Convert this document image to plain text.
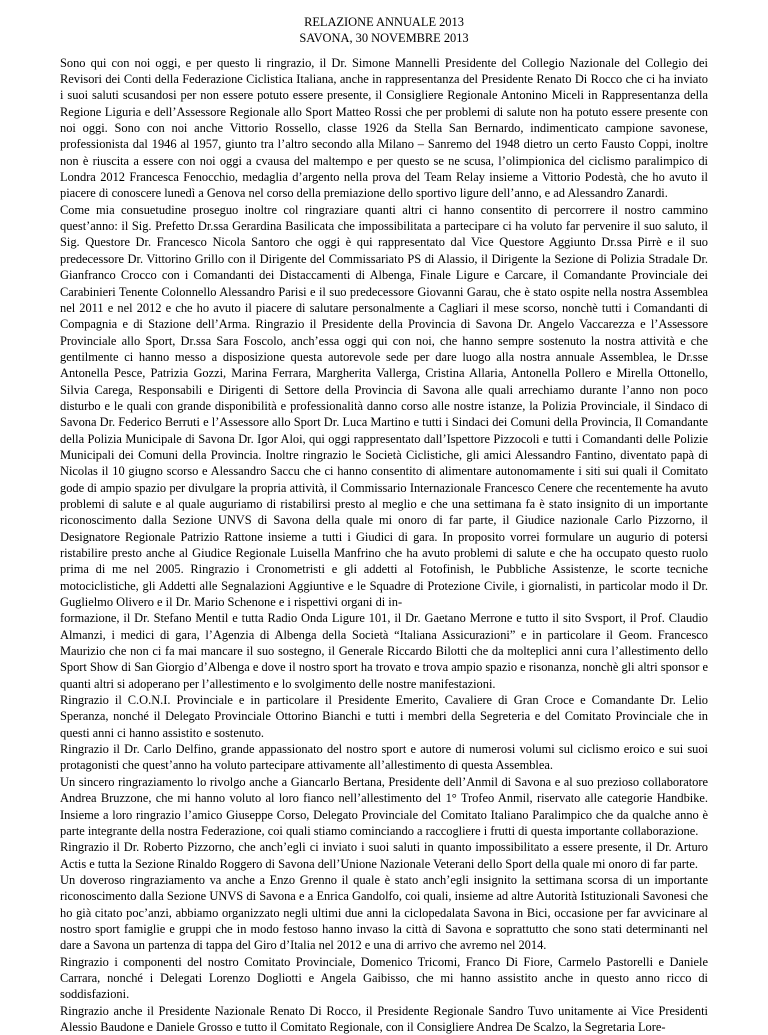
RELAZIONE ANNUALE 2013
SAVONA, 30 NOVEMBRE 2013

Sono qui con noi oggi, e per questo li ringrazio, il Dr. Simone Mannelli Presidente del Collegio Nazionale del Collegio dei Revisori dei Conti della Federazione Ciclistica Italiana, anche in rappresentanza del Presidente Renato Di Rocco che ci ha inviato i suoi saluti scusandosi per non essere potuto essere presente, il Consigliere Regionale Antonino Miceli in Rappresentanza della Regione Liguria e dell’Assessore Regionale allo Sport Matteo Rossi che per problemi di salute non ha potuto essere presente con noi oggi. Sono con noi anche Vittorio Rossello, classe 1926 da Stella San Bernardo, indimenticato campione savonese, professionista dal 1946 al 1957, giunto tra l’altro secondo alla Milano – Sanremo del 1948 dietro un certo Fausto Coppi, inoltre non è riuscita a essere con noi oggi a cvausa del maltempo e per questo se ne scusa, l’olimpionica del ciclismo paralimpico di Londra 2012 Francesca Fenocchio, medaglia d’argento nella prova del Team Relay insieme a Vittorio Podestà, che ho avuto il piacere di conoscere lunedì a Genova nel corso della premiazione dello sportivo ligure dell’anno, e ad Alessandro Zanardi.

Come mia consuetudine proseguo inoltre col ringraziare quanti altri ci hanno consentito di percorrere il nostro cammino quest’anno: il Sig. Prefetto Dr.ssa Gerardina Basilicata che impossibilitata a partecipare ci ha voluto far pervenire il suo saluto, il Sig. Questore Dr. Francesco Nicola Santoro che oggi è qui rappresentato dal Vice Questore Aggiunto Dr.ssa Pirrè e il suo predecessore Dr. Vittorino Grillo con il Dirigente del Commissariato PS di Alassio, il Dirigente la Sezione di Polizia Stradale Dr. Gianfranco Crocco con i Comandanti dei Distaccamenti di Albenga, Finale Ligure e Carcare, il Comandante Provinciale dei Carabinieri Tenente Colonnello Alessandro Parisi e il suo predecessore Giovanni Garau, che è stato ospite nella nostra Assemblea nel 2011 e nel 2012 e che ho avuto il piacere di salutare personalmente a Cagliari il mese scorso, nonchè tutti i Comandanti di Compagnia e di Stazione dell’Arma. Ringrazio il Presidente della Provincia di Savona Dr. Angelo Vaccarezza e l’Assessore Provinciale allo Sport, Dr.ssa Sara Foscolo, anch’essa oggi qui con noi, che hanno sempre sostenuto la nostra attività e che gentilmente ci hanno messo a disposizione questa autorevole sede per dare luogo alla nostra annuale Assemblea, le Dr.sse Antonella Pesce, Patrizia Gozzi, Marina Ferrara, Margherita Vallerga, Cristina Allaria, Antonella Pollero e Mirella Ottonello, Silvia Carega, Responsabili e Dirigenti di Settore della Provincia di Savona alle quali arrechiamo durante l’anno non poco disturbo e le quali con grande disponibilità e professionalità danno corso alle nostre istanze, la Polizia Provinciale, il Sindaco di Savona Dr. Federico Berruti e l’Assessore allo Sport Dr. Luca Martino e tutti i Sindaci dei Comuni della Provincia, Il Comandante della Polizia Municipale di Savona Dr. Igor Aloi, qui oggi rappresentato dall’Ispettore Pizzocoli e tutti i Comandanti delle Polizie Municipali dei Comuni della Provincia. Inoltre ringrazio le Società Ciclistiche, gli amici Alessandro Fantino, diventato papà di Nicolas il 10 giugno scorso e Alessandro Saccu che ci hanno consentito di alimentare autonomamente i siti sui quali il Comitato gode di ampio spazio per divulgare la propria attività, il Commissario Internazionale Francesco Cenere che recentemente ha avuto problemi di salute e al quale auguriamo di ristabilirsi presto al meglio e che una settimana fa è stato insignito di un importante riconoscimento dalla Sezione UNVS di Savona della quale mi onoro di far parte, il Giudice nazionale Carlo Pizzorno, il Designatore Regionale Patrizio Rattone insieme a tutti i Giudici di gara. In proposito vorrei formulare un augurio di potersi ristabilire presto anche al Giudice Regionale Luisella Manfrino che ha avuto problemi di salute e che ha occupato questo ruolo prima di me nel 2005. Ringrazio i Cronometristi e gli addetti al Fotofinish, le Pubbliche Assistenze, le scorte tecniche motociclistiche, gli Addetti alle Segnalazioni Aggiuntive e le Squadre di Protezione Civile, i giornalisti, in particolar modo il Dr. Guglielmo Olivero e il Dr. Mario Schenone e i rispettivi organi di in-

formazione, il Dr. Stefano Mentil e tutta Radio Onda Ligure 101, il Dr. Gaetano Merrone e tutto il sito Svsport, il Prof. Claudio Almanzi, i medici di gara, l’Agenzia di Albenga della Società “Italiana Assicurazioni” e in particolare il Geom. Francesco Maurizio che non ci fa mai mancare il suo sostegno, il Generale Riccardo Bilotti che da molteplici anni cura l’allestimento dello Sport Show di San Giorgio d’Albenga e dove il nostro sport ha trovato e trova ampio spazio e risonanza, nonchè gli altri sponsor e quanti altri si adoperano per l’allestimento e lo svolgimento delle nostre manifestazioni.

Ringrazio il C.O.N.I. Provinciale e in particolare il Presidente Emerito, Cavaliere di Gran Croce e Comandante Dr. Lelio Speranza, nonché il Delegato Provinciale Ottorino Bianchi e tutti i membri della Segreteria e del Comitato Provinciale che in questi anni ci hanno assistito e sostenuto.

Ringrazio il Dr. Carlo Delfino, grande appassionato del nostro sport e autore di numerosi volumi sul ciclismo eroico e sui suoi protagonisti che quest’anno ha voluto partecipare attivamente all’allestimento di questa Assemblea.

Un sincero ringraziamento lo rivolgo anche a Giancarlo Bertana, Presidente dell’Anmil di Savona e al suo prezioso collaboratore Andrea Bruzzone, che mi hanno voluto al loro fianco nell’allestimento del 1° Trofeo Anmil, riservato alle categorie Handbike. Insieme a loro ringrazio l’amico Giuseppe Corso, Delegato Provinciale del Comitato Italiano Paralimpico che da qualche anno è parte integrante della nostra Federazione, coi quali stiamo cominciando a raccogliere i frutti di questa importante collaborazione.

Ringrazio il Dr. Roberto Pizzorno, che anch’egli ci inviato i suoi saluti in quanto impossibilitato a essere presente, il Dr. Arturo Actis e tutta la Sezione Rinaldo Roggero di Savona dell’Unione Nazionale Veterani dello Sport della quale mi onoro di far parte.

Un doveroso ringraziamento va anche a Enzo Grenno il quale è stato anch’egli insignito la settimana scorsa di un importante riconoscimento dalla Sezione UNVS di Savona e a Enrica Gandolfo, coi quali, insieme ad altre Autorità Istituzionali Savonesi che ho già citato poc’anzi, abbiamo organizzato negli ultimi due anni la ciclopedalata Savona in Bici, occasione per far avvicinare al nostro sport famiglie e gruppi che in modo festoso hanno invaso la città di Savona e soprattutto che sono stati determinanti nel dare a Savona un partenza di tappa del Giro d’Italia nel 2012 e una di arrivo che avremo nel 2014.

Ringrazio i componenti del nostro Comitato Provinciale, Domenico Tricomi, Franco Di Fiore, Carmelo Pastorelli e Daniele Carrara, nonché i Delegati Lorenzo Dogliotti e Angela Gaibisso, che mi hanno assistito anche in questo anno ricco di soddisfazioni.

Ringrazio anche il Presidente Nazionale Renato Di Rocco, il Presidente Regionale Sandro Tuvo unitamente ai Vice Presidenti Alessio Baudone e Daniele Grosso e tutto il Comitato Regionale, con il Consigliere Andrea De Scalzo, la Segretaria Lore-
